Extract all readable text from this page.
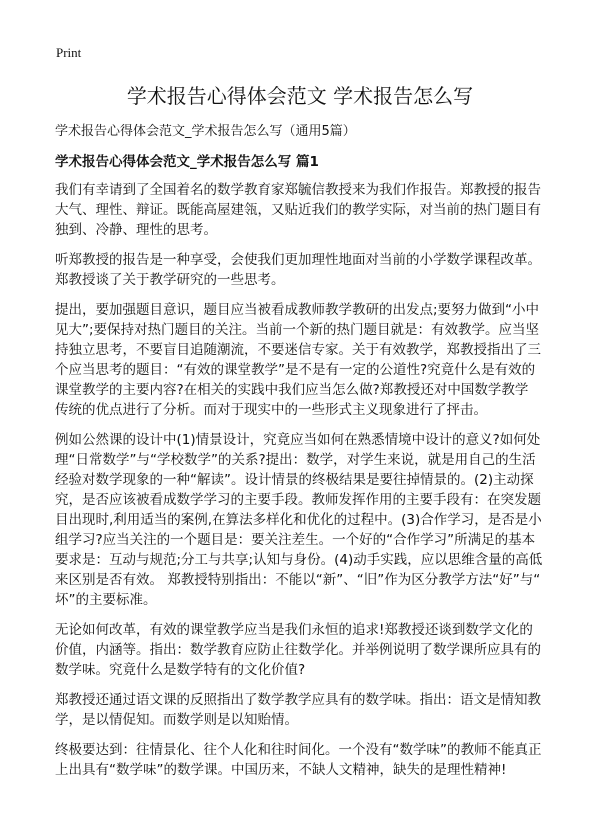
Print
学术报告心得体会范文 学术报告怎么写

学术报告心得体会范文_学术报告怎么写（通用5篇）

学术报告心得体会范文_学术报告怎么写 篇1

我们有幸请到了全国着名的数学教育家郑毓信教授来为我们作报告。郑教授的报告
大气、理性、辩证。既能高屋建瓴，又贴近我们的教学实际，对当前的热门题目有
独到、冷静、理性的思考。

听郑教授的报告是一种享受，会使我们更加理性地面对当前的小学数学课程改革。
郑教授谈了关于教学研究的一些思考。

提出，要加强题目意识，题目应当被看成教师教学教研的出发点;要努力做到“小中
见大”;要保持对热门题目的关注。当前一个新的热门题目就是：有效教学。应当坚
持独立思考，不要盲目追随潮流，不要迷信专家。关于有效教学，郑教授指出了三
个应当思考的题目：“有效的课堂教学”是不是有一定的公道性?究竟什么是有效的
课堂教学的主要内容?在相关的实践中我们应当怎么做?郑教授还对中国数学教学
传统的优点进行了分析。而对于现实中的一些形式主义现象进行了抨击。

例如公然课的设计中(1)情景设计，究竟应当如何在熟悉情境中设计的意义?如何处
理“日常数学”与“学校数学”的关系?提出：数学，对学生来说，就是用自己的生活
经验对数学现象的一种“解读”。设计情景的终极结果是要往掉情景的。(2)主动探
究，是否应该被看成数学学习的主要手段。教师发挥作用的主要手段有：在突发题
目出现时,利用适当的案例,在算法多样化和优化的过程中。(3)合作学习，是否是小
组学习?应当关注的一个题目是：要关注差生。一个好的“合作学习”所满足的基本
要求是：互动与规范;分工与共享;认知与身份。(4)动手实践，应以思维含量的高低
来区别是否有效。 郑教授特别指出：不能以“新”、“旧”作为区分教学方法“好”与“
坏”的主要标准。

无论如何改革，有效的课堂教学应当是我们永恒的追求!郑教授还谈到数学文化的
价值，内涵等。指出：数学教育应防止往数学化。并举例说明了数学课所应具有的
数学味。究竟什么是数学特有的文化价值?

郑教授还通过语文课的反照指出了数学教学应具有的数学味。指出：语文是情知教
学，是以情促知。而数学则是以知贻情。

终极要达到：往情景化、往个人化和往时间化。一个没有“数学味”的教师不能真正
上出具有“数学味”的数学课。中国历来，不缺人文精神，缺失的是理性精神!
